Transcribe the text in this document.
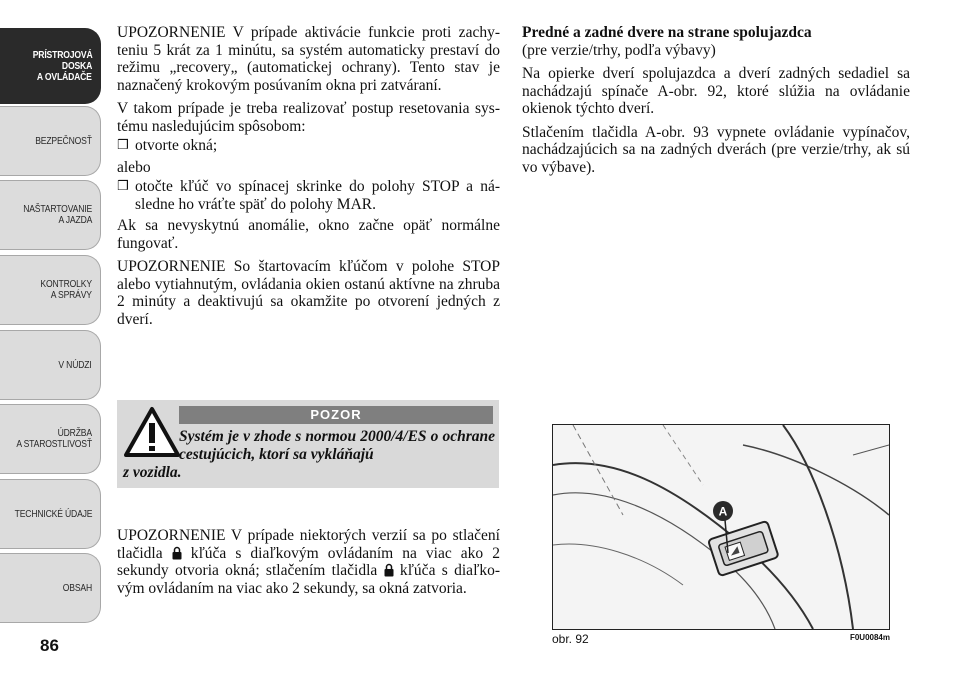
PRÍSTROJOVÁ
DOSKA
A OVLÁDAČE
BEZPEČNOSŤ
NAŠTARTOVANIE
A JAZDA
KONTROLKY
A SPRÁVY
V NÚDZI
ÚDRŽBA
A STAROSTLIVOSŤ
TECHNICKÉ ÚDAJE
OBSAH
86

UPOZORNENIE V prípade aktivácie funkcie proti zachyteniu 5 krát za 1 minútu, sa systém automaticky prestaví do režimu „recovery„ (automatickej ochrany). Tento stav je naznačený krokovým posúvaním okna pri zatváraní.

V takom prípade je treba realizovať postup resetovania systému nasledujúcim spôsobom:

❒ otvorte okná;

alebo

❒ otočte kľúč vo spínacej skrinke do polohy STOP a následne ho vráťte späť do polohy MAR.

Ak sa nevyskytnú anomálie, okno začne opäť normálne fungovať.

UPOZORNENIE So štartovacím kľúčom v polohe STOP alebo vytiahnutým, ovládania okien ostanú aktívne na zhruba 2 minúty a deaktivujú sa okamžite po otvorení jedných z dverí.

POZOR
Systém je v zhode s normou 2000/4/ES o ochrane cestujúcich, ktorí sa vykláňajú
z vozidla.

UPOZORNENIE V prípade niektorých verzií sa po stlačení tlačidla  kľúča s diaľkovým ovládaním na viac ako 2 sekundy otvoria okná; stlačením tlačidla  kľúča s diaľkovým ovládaním na viac ako 2 sekundy, sa okná zatvoria.

Predné a zadné dvere na strane spolujazdca

(pre verzie/trhy, podľa výbavy)

Na opierke dverí spolujazdca a dverí zadných sedadiel sa nachádzajú spínače A-obr. 92, ktoré slúžia na ovládanie okienok týchto dverí.

Stlačením tlačidla A-obr. 93 vypnete ovládanie vypínačov, nachádzajúcich sa na zadných dverách (pre verzie/trhy, ak sú vo výbave).

A
obr. 92	F0U0084m
